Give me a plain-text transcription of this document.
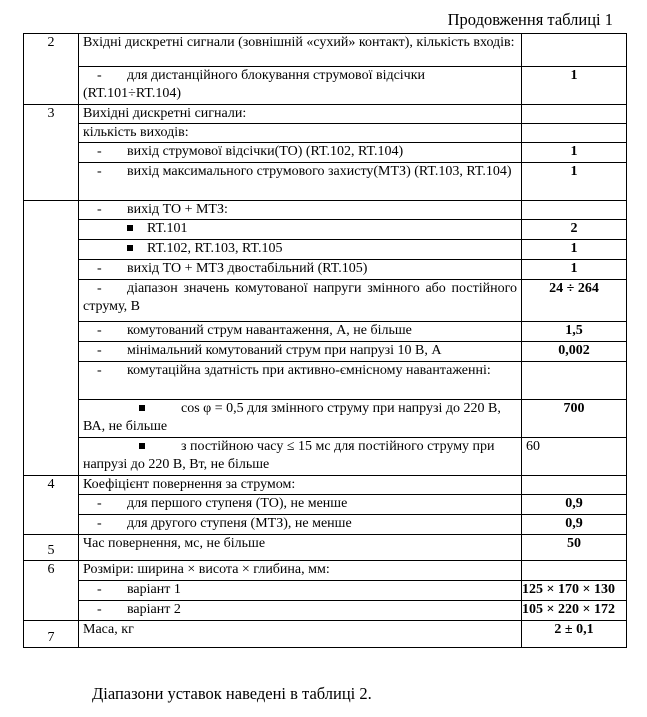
Продовження таблиці 1
2	Вхідні дискретні сигнали (зовнішній «сухий» контакт), кількість входів:	
	- для дистанційного блокування струмової відсічки (RT.101÷RT.104)	1
3	Вихідні дискретні сигнали:	
	кількість виходів:	
	- вихід струмової відсічки(ТО) (RT.102, RT.104)	1
	- вихід максимального струмового захисту(МТЗ) (RT.103, RT.104)	1
	- вихід ТО + МТЗ:	
	RT.101	2
	RT.102, RT.103, RT.105	1
	- вихід ТО + МТЗ двостабільний (RT.105)	1
	- діапазон значень комутованої напруги змінного або постійного струму, В	24 ÷ 264
	- комутований струм навантаження, А, не більше	1,5
	- мінімальний комутований струм при напрузі 10 В, А	0,002
	- комутаційна здатність при активно-ємнісному навантаженні:	
	cos φ = 0,5 для змінного струму при напрузі до 220 В, ВА, не більше	700
	з постійною часу ≤ 15 мс для постійного струму при напрузі до 220 В, Вт, не більше	60
4	Коефіцієнт повернення за струмом:	
	- для першого ступеня (ТО), не менше	0,9
	- для другого ступеня (МТЗ), не менше	0,9
5	Час повернення, мс, не більше	50
6	Розміри: ширина × висота × глибина, мм:	
	- варіант 1	125 × 170 × 130
	- варіант 2	105 × 220 × 172
7	Маса, кг	2 ± 0,1
Діапазони уставок наведені в таблиці 2.
